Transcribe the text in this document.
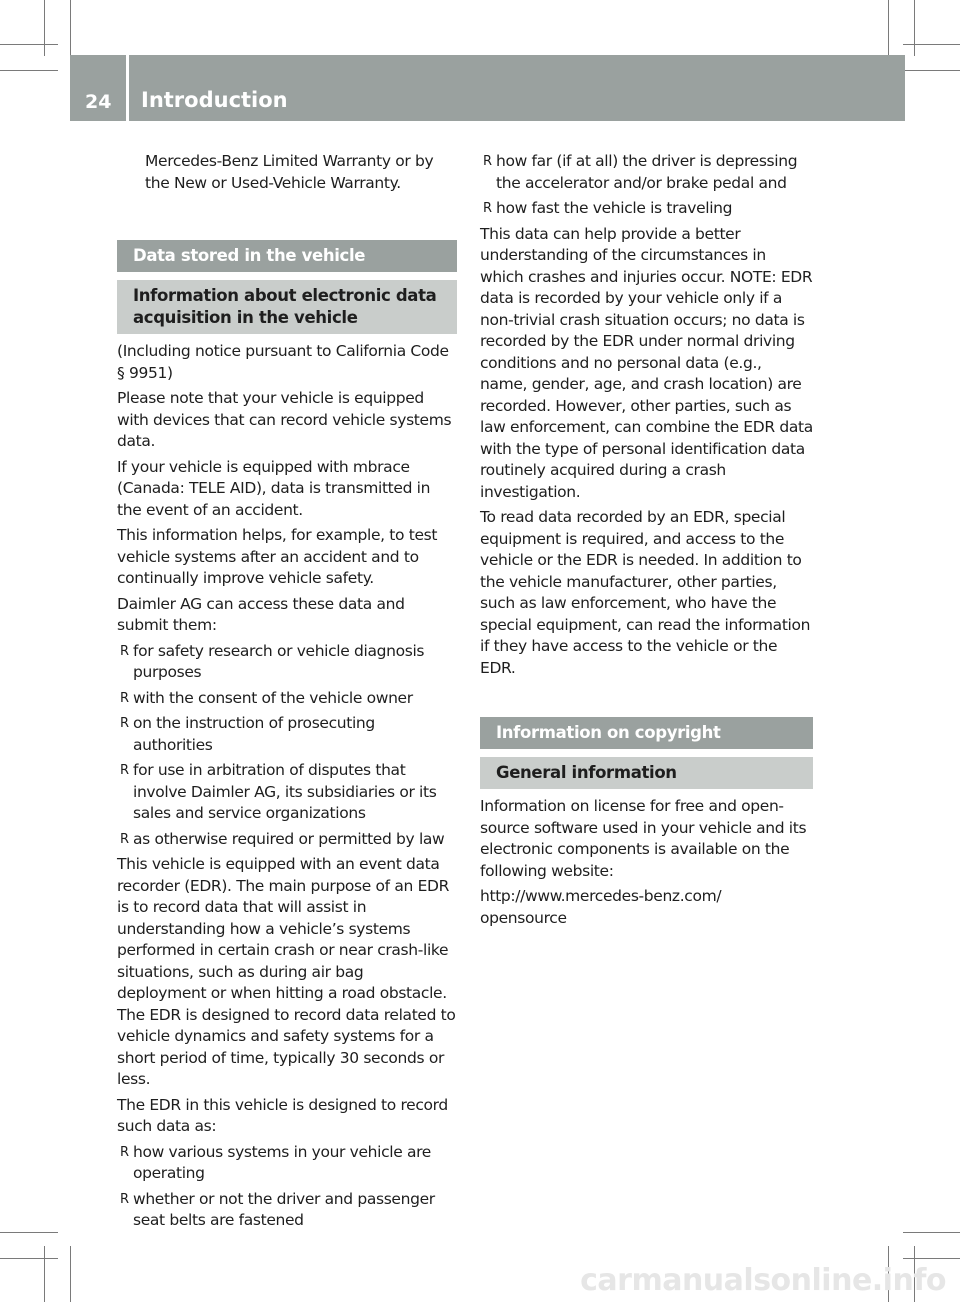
24 Introduction

Mercedes-Benz Limited Warranty or by the New or Used-Vehicle Warranty.

Data stored in the vehicle
Information about electronic data acquisition in the vehicle

(Including notice pursuant to California Code § 9951)

Please note that your vehicle is equipped with devices that can record vehicle systems data.

If your vehicle is equipped with mbrace (Canada: TELE AID), data is transmitted in the event of an accident.

This information helps, for example, to test vehicle systems after an accident and to continually improve vehicle safety.

Daimler AG can access these data and submit them:

R for safety research or vehicle diagnosis purposes
R with the consent of the vehicle owner
R on the instruction of prosecuting authorities
R for use in arbitration of disputes that involve Daimler AG, its subsidiaries or its sales and service organizations
R as otherwise required or permitted by law

This vehicle is equipped with an event data recorder (EDR). The main purpose of an EDR is to record data that will assist in understanding how a vehicle’s systems performed in certain crash or near crash-like situations, such as during air bag deployment or when hitting a road obstacle. The EDR is designed to record data related to vehicle dynamics and safety systems for a short period of time, typically 30 seconds or less.

The EDR in this vehicle is designed to record such data as:

R how various systems in your vehicle are operating
R whether or not the driver and passenger seat belts are fastened
R how far (if at all) the driver is depressing the accelerator and/or brake pedal and
R how fast the vehicle is traveling

This data can help provide a better understanding of the circumstances in which crashes and injuries occur. NOTE: EDR data is recorded by your vehicle only if a non-trivial crash situation occurs; no data is recorded by the EDR under normal driving conditions and no personal data (e.g., name, gender, age, and crash location) are recorded. However, other parties, such as law enforcement, can combine the EDR data with the type of personal identification data routinely acquired during a crash investigation.

To read data recorded by an EDR, special equipment is required, and access to the vehicle or the EDR is needed. In addition to the vehicle manufacturer, other parties, such as law enforcement, who have the special equipment, can read the information if they have access to the vehicle or the EDR.

Information on copyright
General information

Information on license for free and open-source software used in your vehicle and its electronic components is available on the following website:

http://www.mercedes-benz.com/ opensource

carmanualsonline.info
